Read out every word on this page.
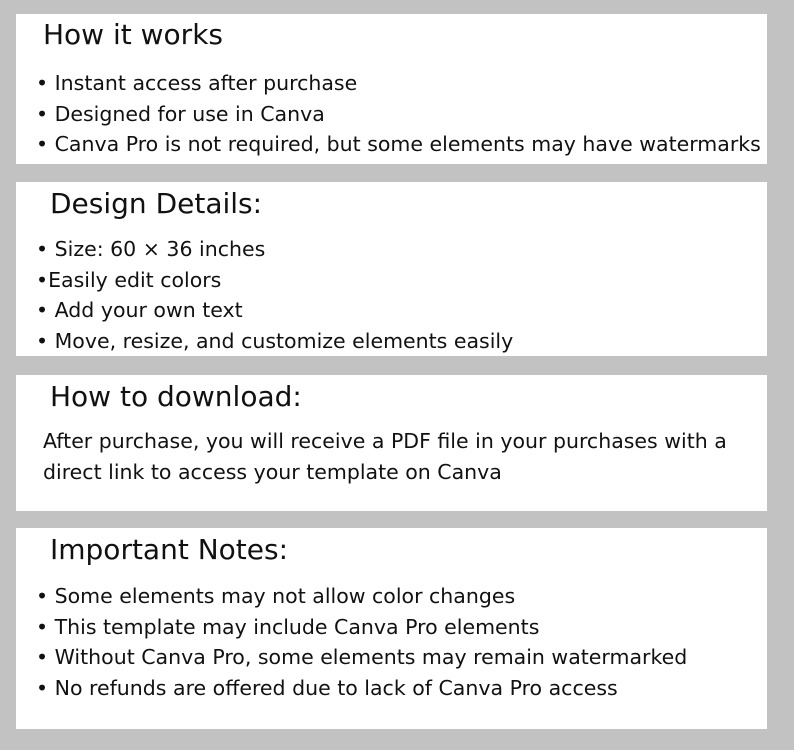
How it works
• Instant access after purchase
• Designed for use in Canva
• Canva Pro is not required, but some elements may have watermarks
Design Details:
• Size: 60 × 36 inches
•Easily edit colors
• Add your own text
• Move, resize, and customize elements easily
How to download:

After purchase, you will receive a PDF file in your purchases with a direct link to access your template on Canva

Important Notes:
• Some elements may not allow color changes
• This template may include Canva Pro elements
• Without Canva Pro, some elements may remain watermarked
• No refunds are offered due to lack of Canva Pro access
